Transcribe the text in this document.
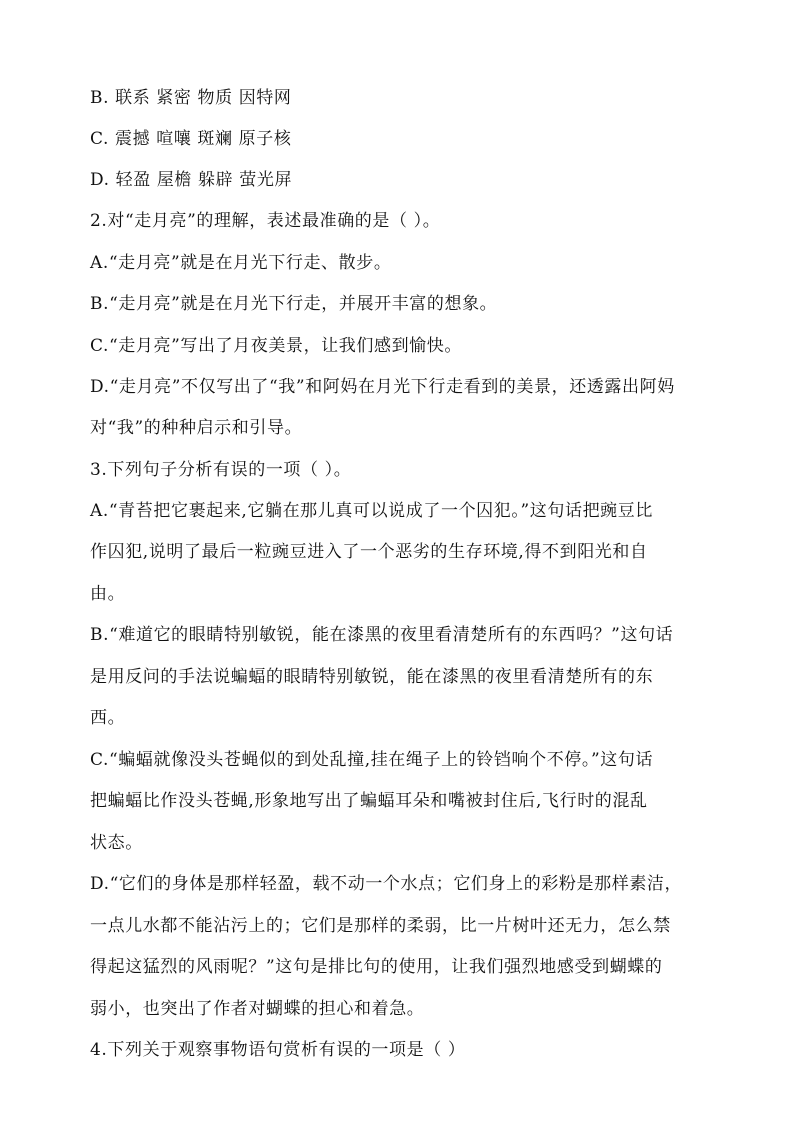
B. 联系 紧密 物质 因特网
C. 震撼 喧嚷 斑斓 原子核
D. 轻盈 屋檐 躲辟 萤光屏
2.对“走月亮”的理解，表述最准确的是（ ）。
A.“走月亮”就是在月光下行走、散步。
B.“走月亮”就是在月光下行走，并展开丰富的想象。
C.“走月亮”写出了月夜美景，让我们感到愉快。
D.“走月亮”不仅写出了“我”和阿妈在月光下行走看到的美景，还透露出阿妈
对“我”的种种启示和引导。
3.下列句子分析有误的一项（ ）。
A.“青苔把它裹起来,它躺在那儿真可以说成了一个囚犯。”这句话把豌豆比
作囚犯,说明了最后一粒豌豆进入了一个恶劣的生存环境,得不到阳光和自
由。
B.“难道它的眼睛特别敏锐，能在漆黑的夜里看清楚所有的东西吗？”这句话
是用反问的手法说蝙蝠的眼睛特别敏锐，能在漆黑的夜里看清楚所有的东
西。
C.“蝙蝠就像没头苍蝇似的到处乱撞,挂在绳子上的铃铛响个不停。”这句话
把蝙蝠比作没头苍蝇,形象地写出了蝙蝠耳朵和嘴被封住后,飞行时的混乱
状态。
D.“它们的身体是那样轻盈，载不动一个水点；它们身上的彩粉是那样素洁，
一点儿水都不能沾污上的；它们是那样的柔弱，比一片树叶还无力，怎么禁
得起这猛烈的风雨呢？”这句是排比句的使用，让我们强烈地感受到蝴蝶的
弱小，也突出了作者对蝴蝶的担心和着急。
4.下列关于观察事物语句赏析有误的一项是（ ）
